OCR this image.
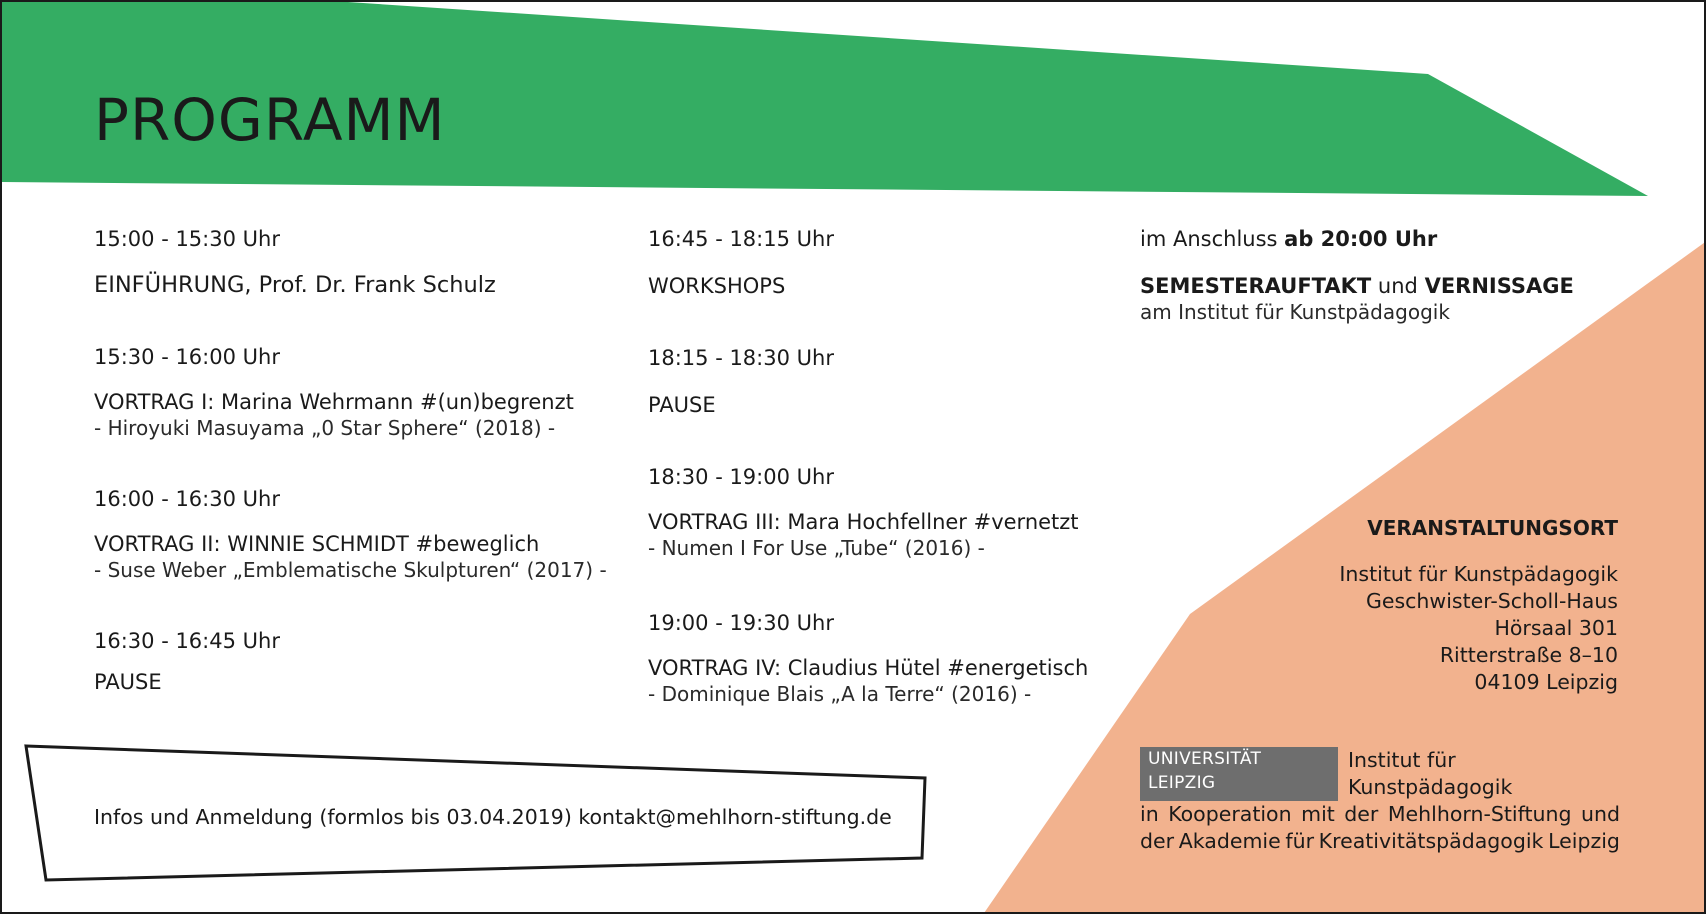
PROGRAMM
15:00 - 15:30 Uhr
EINFÜHRUNG, Prof. Dr. Frank Schulz
15:30 - 16:00 Uhr
VORTRAG I: Marina Wehrmann #(un)begrenzt
- Hiroyuki Masuyama „0 Star Sphere“ (2018) -
16:00 - 16:30 Uhr
VORTRAG II: WINNIE SCHMIDT #beweglich
- Suse Weber „Emblematische Skulpturen“ (2017) -
16:30 - 16:45 Uhr
PAUSE
16:45 - 18:15 Uhr
WORKSHOPS
18:15 - 18:30 Uhr
PAUSE
18:30 - 19:00 Uhr
VORTRAG III: Mara Hochfellner #vernetzt
- Numen I For Use „Tube“ (2016) -
19:00 - 19:30 Uhr
VORTRAG IV: Claudius Hütel #energetisch
- Dominique Blais „A la Terre“ (2016) -
im Anschluss ab 20:00 Uhr
SEMESTERAUFTAKT und VERNISSAGE
am Institut für Kunstpädagogik
VERANSTALTUNGSORT
Institut für Kunstpädagogik
Geschwister-Scholl-Haus
Hörsaal 301
Ritterstraße 8–10
04109 Leipzig
UNIVERSITÄT LEIPZIG
Institut für Kunstpädagogik
in Kooperation mit der Mehlhorn-Stiftung und
der Akademie für Kreativitätspädagogik Leipzig
Infos und Anmeldung (formlos bis 03.04.2019) kontakt@mehlhorn-stiftung.de
